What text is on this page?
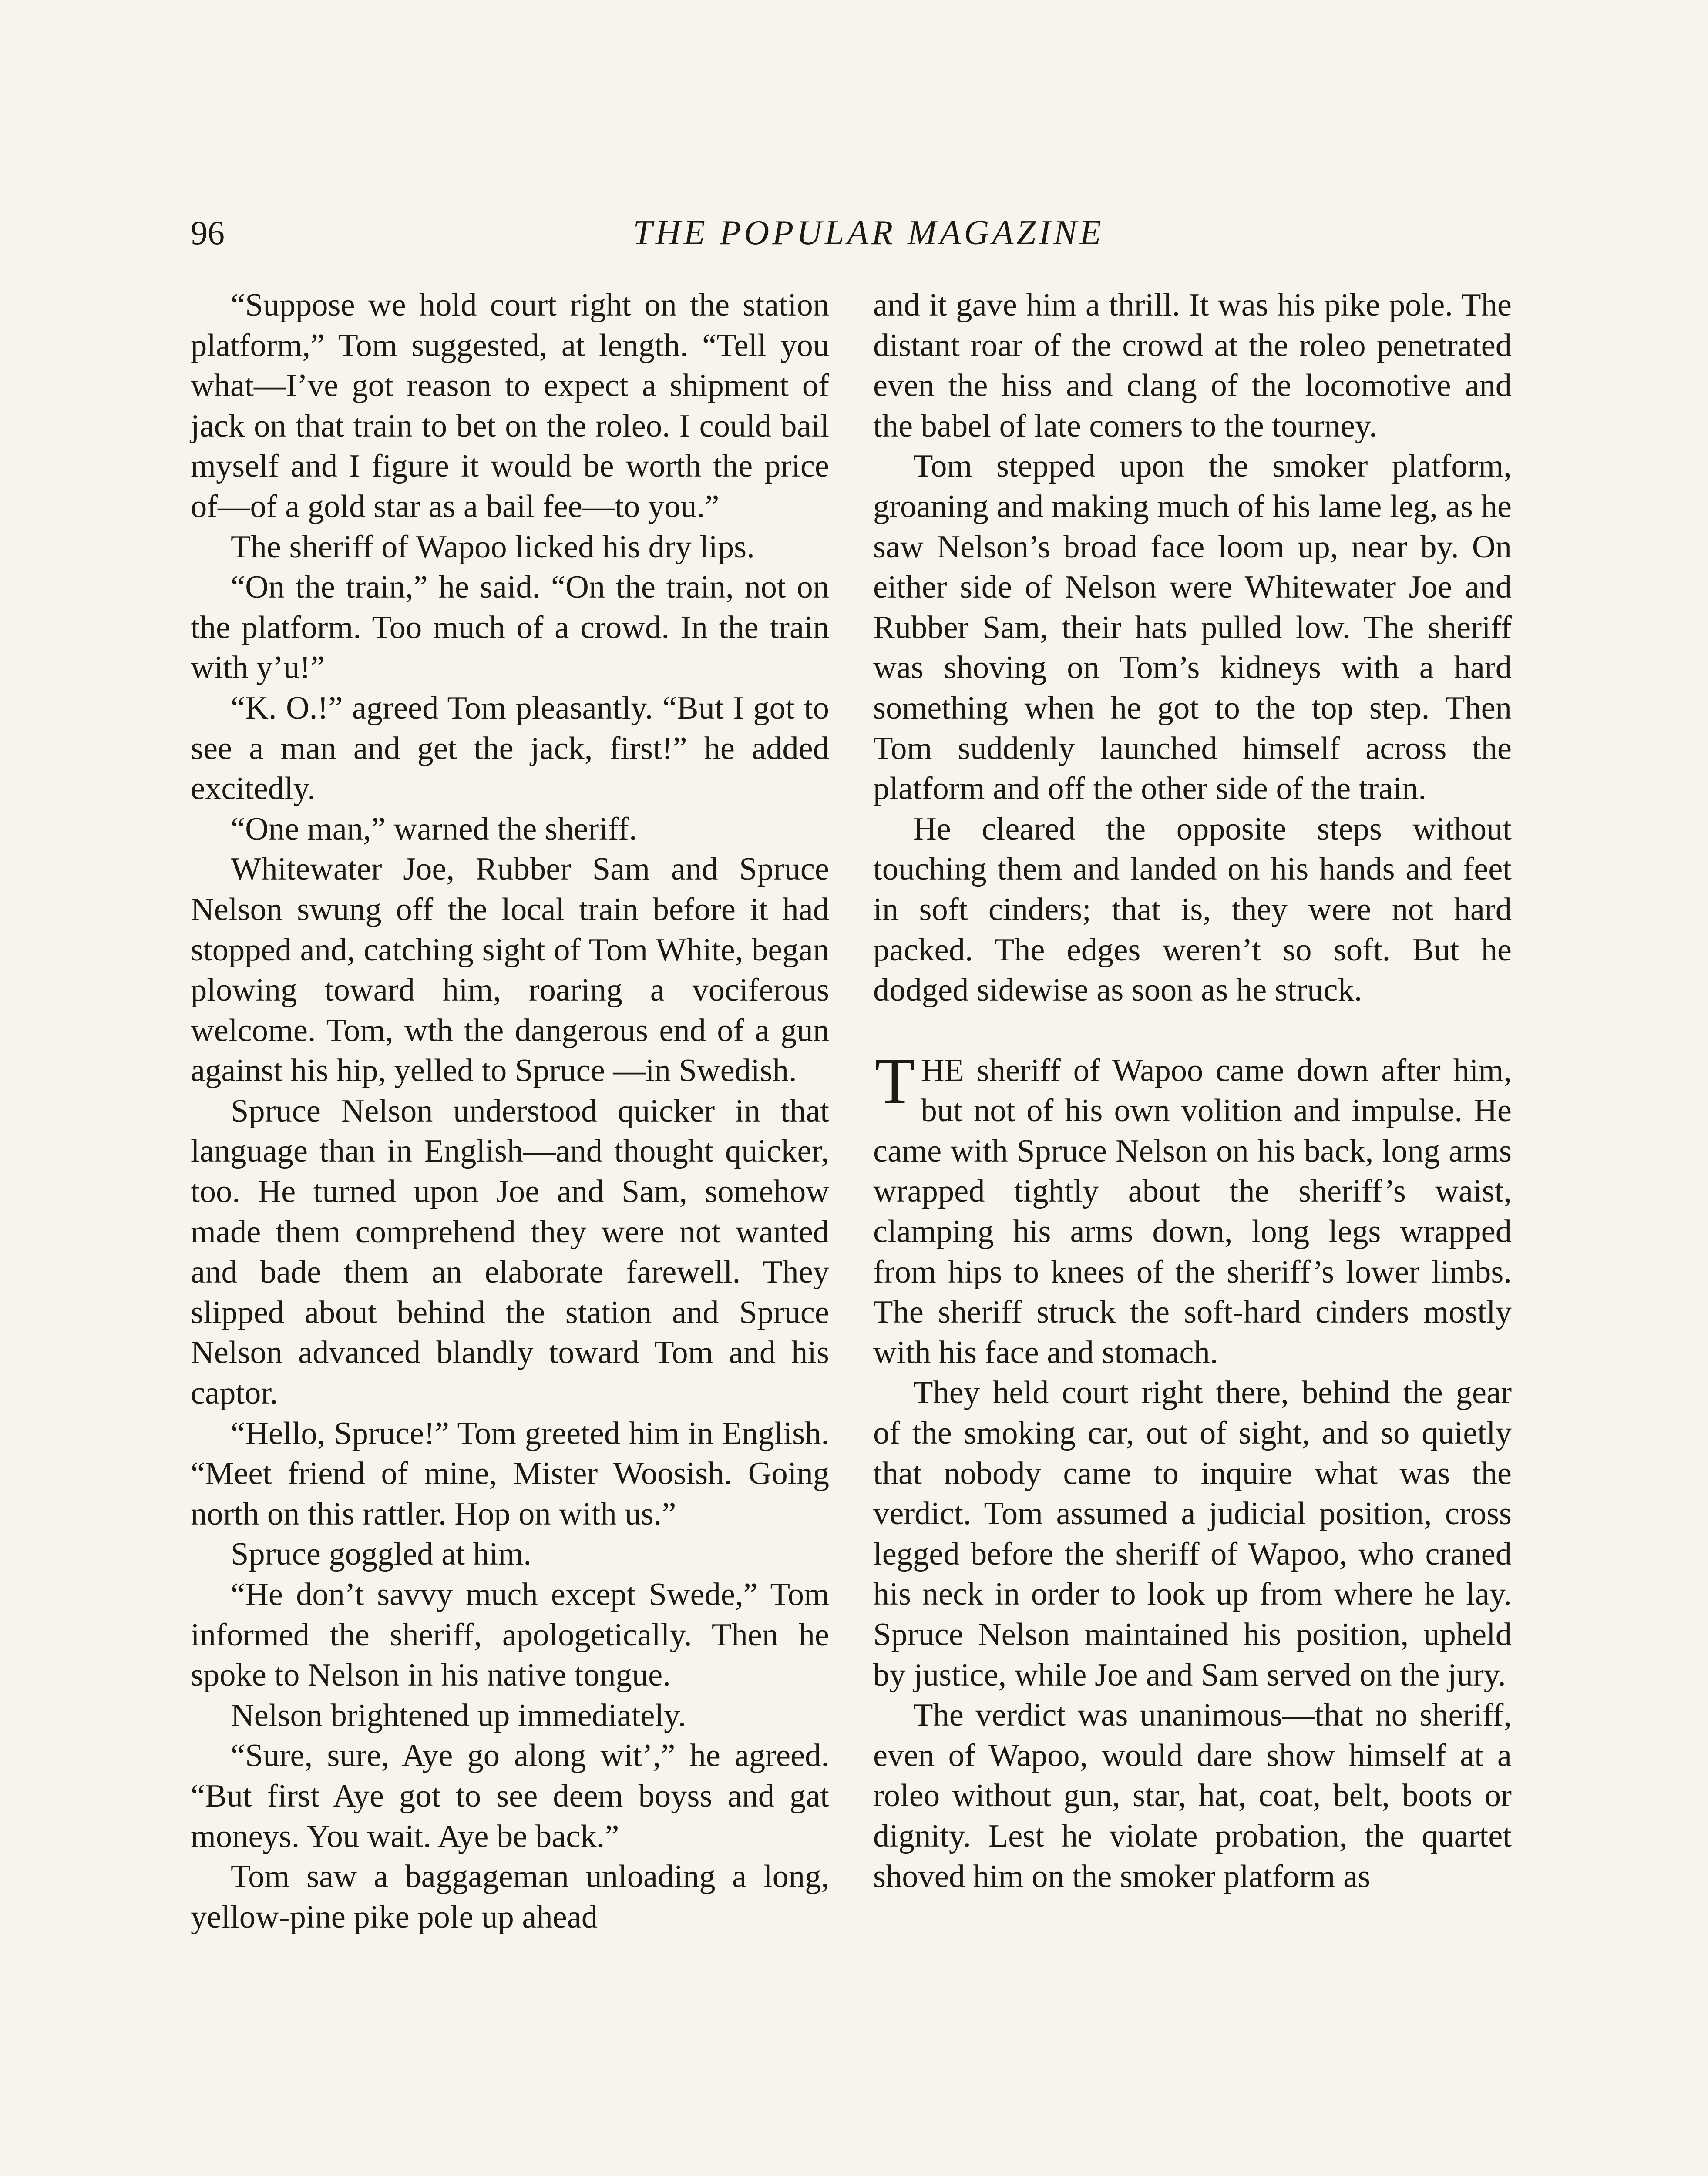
96	THE POPULAR MAGAZINE

“Suppose we hold court right on the station platform,” Tom suggested, at length. “Tell you what—I’ve got reason to expect a shipment of jack on that train to bet on the roleo. I could bail myself and I figure it would be worth the price of—of a gold star as a bail fee—to you.”

The sheriff of Wapoo licked his dry lips.

“On the train,” he said. “On the train, not on the platform. Too much of a crowd. In the train with y’u!”

“K. O.!” agreed Tom pleasantly. “But I got to see a man and get the jack, first!” he added excitedly.

“One man,” warned the sheriff.

Whitewater Joe, Rubber Sam and Spruce Nelson swung off the local train before it had stopped and, catching sight of Tom White, began plowing toward him, roaring a vociferous welcome. Tom, wth the dangerous end of a gun against his hip, yelled to Spruce —in Swedish.

Spruce Nelson understood quicker in that language than in English—and thought quicker, too. He turned upon Joe and Sam, somehow made them comprehend they were not wanted and bade them an elaborate farewell. They slipped about behind the station and Spruce Nelson advanced blandly toward Tom and his captor.

“Hello, Spruce!” Tom greeted him in English. “Meet friend of mine, Mister Woosish. Going north on this rattler. Hop on with us.”

Spruce goggled at him.

“He don’t savvy much except Swede,” Tom informed the sheriff, apologetically. Then he spoke to Nelson in his native tongue.

Nelson brightened up immediately.

“Sure, sure, Aye go along wit’,” he agreed. “But first Aye got to see deem boyss and gat moneys. You wait. Aye be back.”

Tom saw a baggageman unloading a long, yellow-pine pike pole up ahead

and it gave him a thrill. It was his pike pole. The distant roar of the crowd at the roleo penetrated even the hiss and clang of the locomotive and the babel of late comers to the tourney.

Tom stepped upon the smoker platform, groaning and making much of his lame leg, as he saw Nelson’s broad face loom up, near by. On either side of Nelson were Whitewater Joe and Rubber Sam, their hats pulled low. The sheriff was shoving on Tom’s kidneys with a hard something when he got to the top step. Then Tom suddenly launched himself across the platform and off the other side of the train.

He cleared the opposite steps without touching them and landed on his hands and feet in soft cinders; that is, they were not hard packed. The edges weren’t so soft. But he dodged sidewise as soon as he struck.

THE sheriff of Wapoo came down after him, but not of his own volition and impulse. He came with Spruce Nelson on his back, long arms wrapped tightly about the sheriff’s waist, clamping his arms down, long legs wrapped from hips to knees of the sheriff’s lower limbs. The sheriff struck the soft-hard cinders mostly with his face and stomach.

They held court right there, behind the gear of the smoking car, out of sight, and so quietly that nobody came to inquire what was the verdict. Tom assumed a judicial position, cross legged before the sheriff of Wapoo, who craned his neck in order to look up from where he lay. Spruce Nelson maintained his position, upheld by justice, while Joe and Sam served on the jury.

The verdict was unanimous—that no sheriff, even of Wapoo, would dare show himself at a roleo without gun, star, hat, coat, belt, boots or dignity. Lest he violate probation, the quartet shoved him on the smoker platform as
